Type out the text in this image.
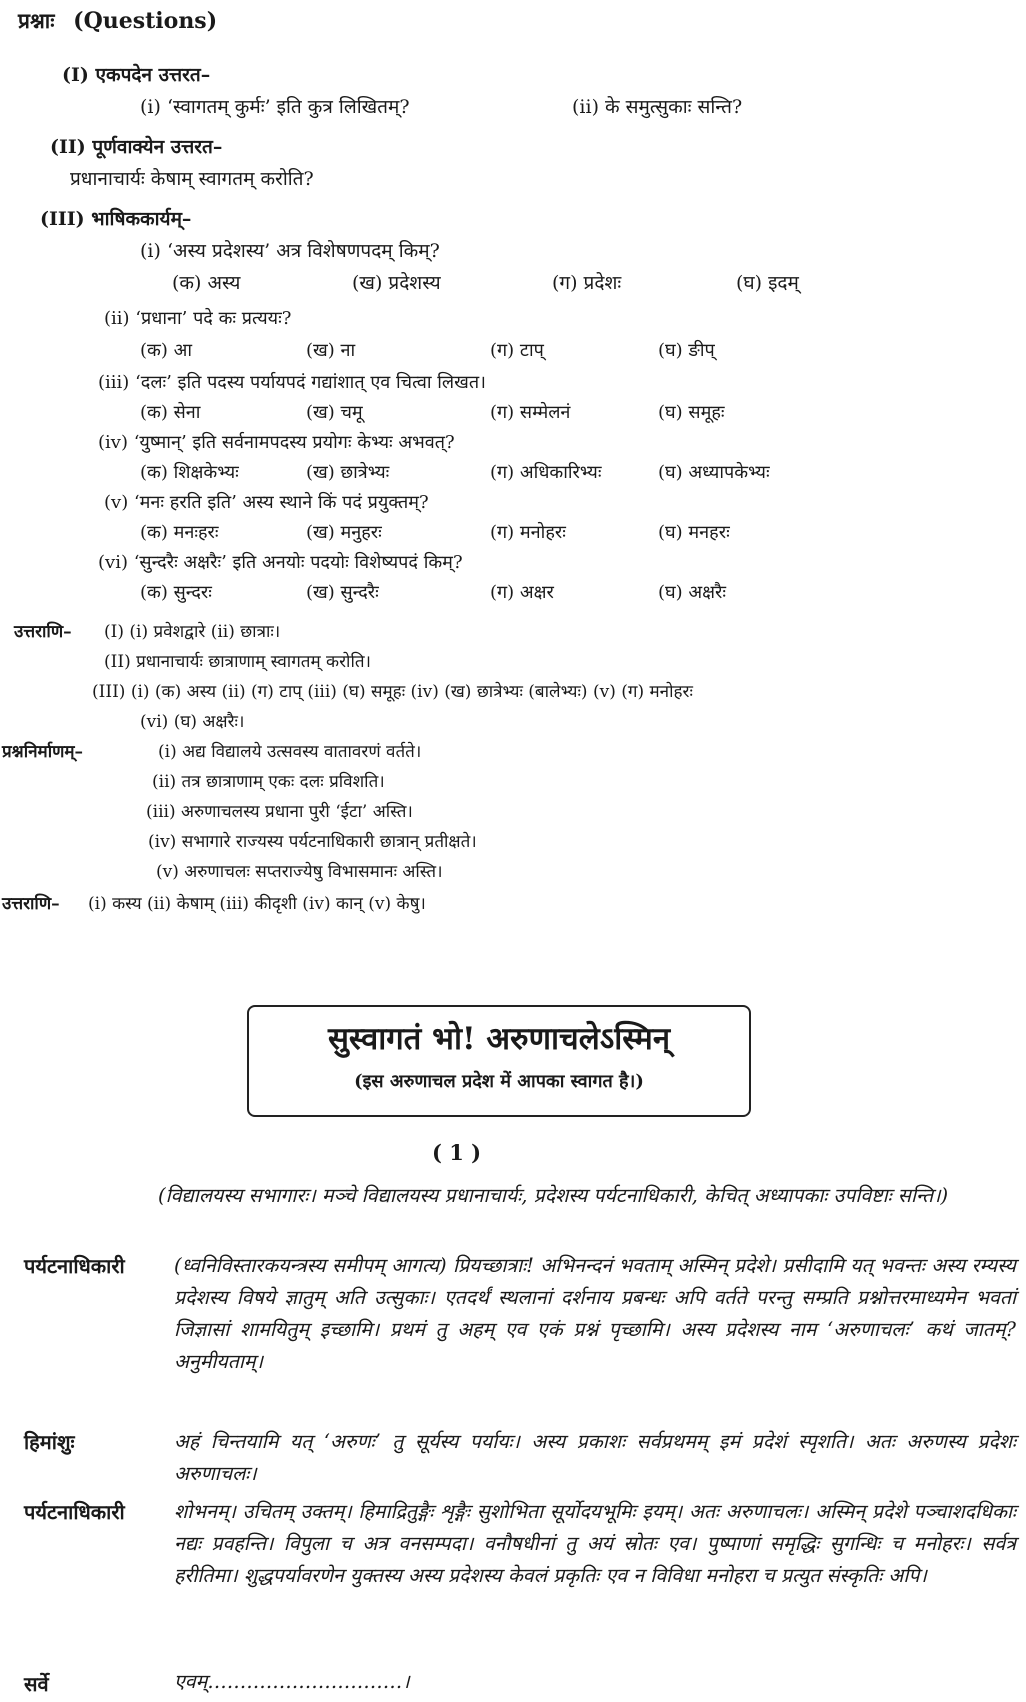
प्रश्नाः (Questions)
(I) एकपदेन उत्तरत–
(i) ‘स्वागतम् कुर्मः’ इति कुत्र लिखितम्?	(ii) के समुत्सुकाः सन्ति?
(II) पूर्णवाक्येन उत्तरत–
प्रधानाचार्यः केषाम् स्वागतम् करोति?
(III) भाषिककार्यम्–
(i) ‘अस्य प्रदेशस्य’ अत्र विशेषणपदम् किम्?
(क) अस्य	(ख) प्रदेशस्य	(ग) प्रदेशः	(घ) इदम्
(ii) ‘प्रधाना’ पदे कः प्रत्ययः?
(क) आ	(ख) ना	(ग) टाप्	(घ) ङीप्
(iii) ‘दलः’ इति पदस्य पर्यायपदं गद्यांशात् एव चित्वा लिखत।
(क) सेना	(ख) चमू	(ग) सम्मेलनं	(घ) समूहः
(iv) ‘युष्मान्’ इति सर्वनामपदस्य प्रयोगः केभ्यः अभवत्?
(क) शिक्षकेभ्यः	(ख) छात्रेभ्यः	(ग) अधिकारिभ्यः	(घ) अध्यापकेभ्यः
(v) ‘मनः हरति इति’ अस्य स्थाने किं पदं प्रयुक्तम्?
(क) मनःहरः	(ख) मनुहरः	(ग) मनोहरः	(घ) मनहरः
(vi) ‘सुन्दरैः अक्षरैः’ इति अनयोः पदयोः विशेष्यपदं किम्?
(क) सुन्दरः	(ख) सुन्दरैः	(ग) अक्षर	(घ) अक्षरैः
उत्तराणि– (I) (i) प्रवेशद्वारे (ii) छात्राः।
(II) प्रधानाचार्यः छात्राणाम् स्वागतम् करोति।
(III) (i) (क) अस्य (ii) (ग) टाप् (iii) (घ) समूहः (iv) (ख) छात्रेभ्यः (बालेभ्यः) (v) (ग) मनोहरः
(vi) (घ) अक्षरैः।
प्रश्ननिर्माणम्–	(i) अद्य विद्यालये उत्सवस्य वातावरणं वर्तते।
(ii) तत्र छात्राणाम् एकः दलः प्रविशति।
(iii) अरुणाचलस्य प्रधाना पुरी ‘ईटा’ अस्ति।
(iv) सभागारे राज्यस्य पर्यटनाधिकारी छात्रान् प्रतीक्षते।
(v) अरुणाचलः सप्तराज्येषु विभासमानः अस्ति।
उत्तराणि– (i) कस्य (ii) केषाम् (iii) कीदृशी (iv) कान् (v) केषु।
सुस्वागतं भो! अरुणाचलेऽस्मिन्
(इस अरुणाचल प्रदेश में आपका स्वागत है।)
( 1 )
(विद्यालयस्य सभागारः। मञ्चे विद्यालयस्य प्रधानाचार्यः, प्रदेशस्य पर्यटनाधिकारी, केचित् अध्यापकाः उपविष्टाः सन्ति।)
पर्यटनाधिकारी	(ध्वनिविस्तारकयन्त्रस्य समीपम् आगत्य) प्रियच्छात्राः! अभिनन्दनं भवताम् अस्मिन् प्रदेशे। प्रसीदामि यत् भवन्तः अस्य रम्यस्य प्रदेशस्य विषये ज्ञातुम् अति उत्सुकाः। एतदर्थं स्थलानां दर्शनाय प्रबन्धः अपि वर्तते परन्तु सम्प्रति प्रश्नोत्तरमाध्यमेन भवतां जिज्ञासां शामयितुम् इच्छामि। प्रथमं तु अहम् एव एकं प्रश्नं पृच्छामि। अस्य प्रदेशस्य नाम ‘अरुणाचलः’ कथं जातम्? अनुमीयताम्।
हिमांशुः	अहं चिन्तयामि यत् ‘अरुणः’ तु सूर्यस्य पर्यायः। अस्य प्रकाशः सर्वप्रथमम् इमं प्रदेशं स्पृशति। अतः अरुणस्य प्रदेशः अरुणाचलः।
पर्यटनाधिकारी	शोभनम्। उचितम् उक्तम्। हिमाद्रितुङ्गैः शृङ्गैः सुशोभिता सूर्योदयभूमिः इयम्। अतः अरुणाचलः। अस्मिन् प्रदेशे पञ्चाशदधिकाः नद्यः प्रवहन्ति। विपुला च अत्र वनसम्पदा। वनौषधीनां तु अयं स्रोतः एव। पुष्पाणां समृद्धिः सुगन्धिः च मनोहरः। सर्वत्र हरीतिमा। शुद्धपर्यावरणेन युक्तस्य अस्य प्रदेशस्य केवलं प्रकृतिः एव न विविधा मनोहरा च प्रत्युत संस्कृतिः अपि।
सर्वे	एवम्…………………………।
